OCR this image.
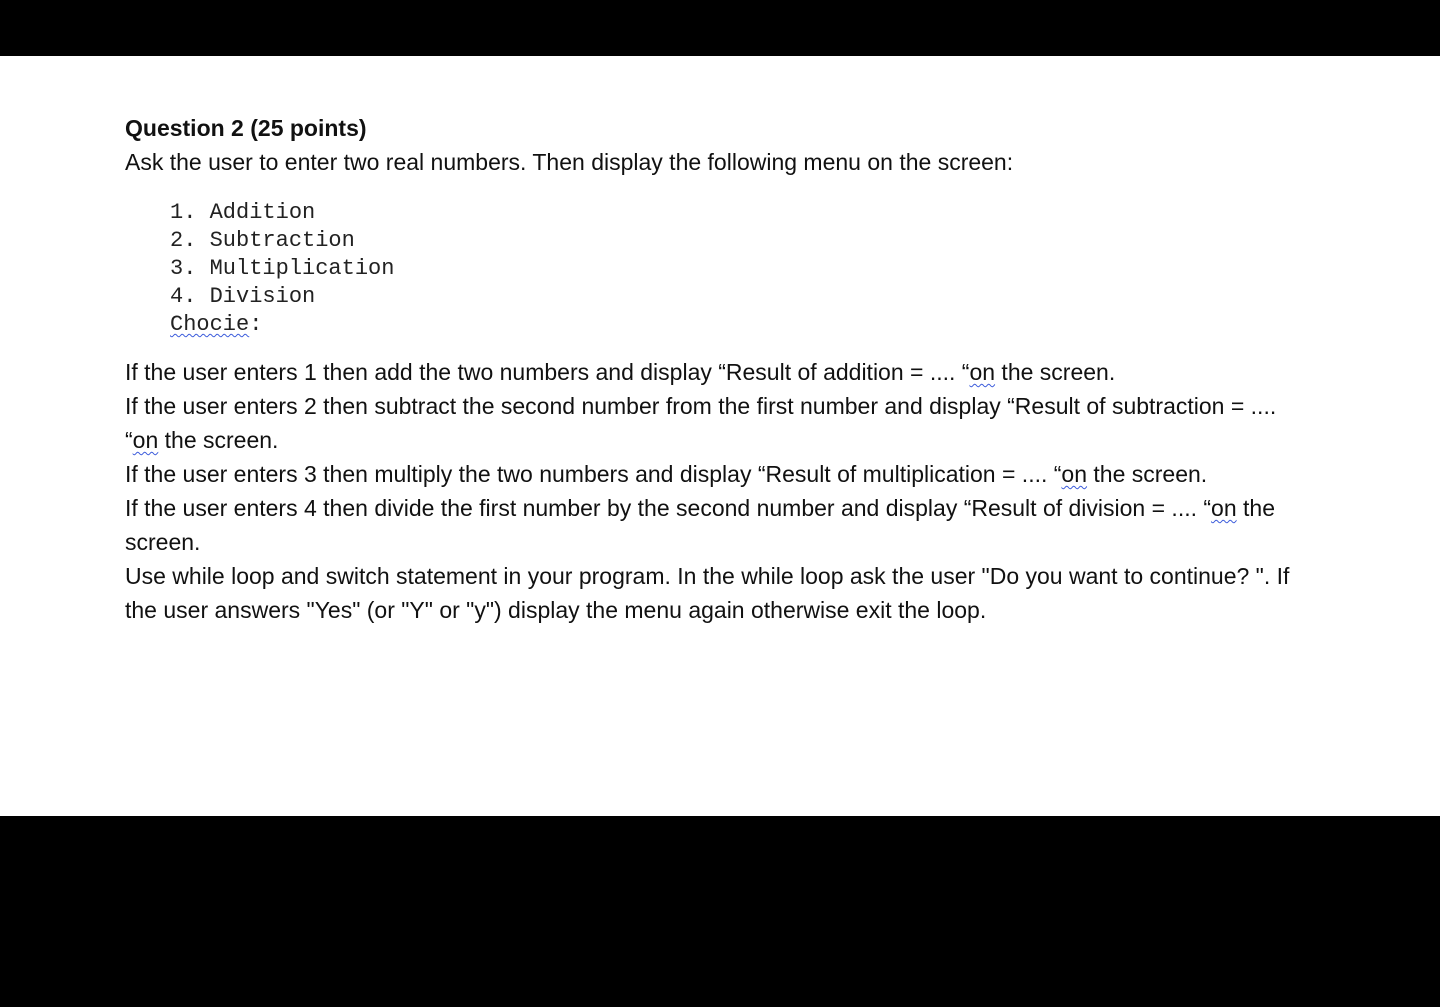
Question 2 (25 points)

Ask the user to enter two real numbers. Then display the following menu on the screen:

1. Addition
2. Subtraction
3. Multiplication
4. Division
Chocie:

If the user enters 1 then add the two numbers and display “Result of addition = .... “on the screen.

If the user enters 2 then subtract the second number from the first number and display “Result of subtraction = .... “on the screen.

If the user enters 3 then multiply the two numbers and display “Result of multiplication = .... “on the screen.

If the user enters 4 then divide the first number by the second number and display “Result of division = .... “on the screen.

Use while loop and switch statement in your program. In the while loop ask the user "Do you want to continue? ". If the user answers "Yes" (or "Y" or "y") display the menu again otherwise exit the loop.
